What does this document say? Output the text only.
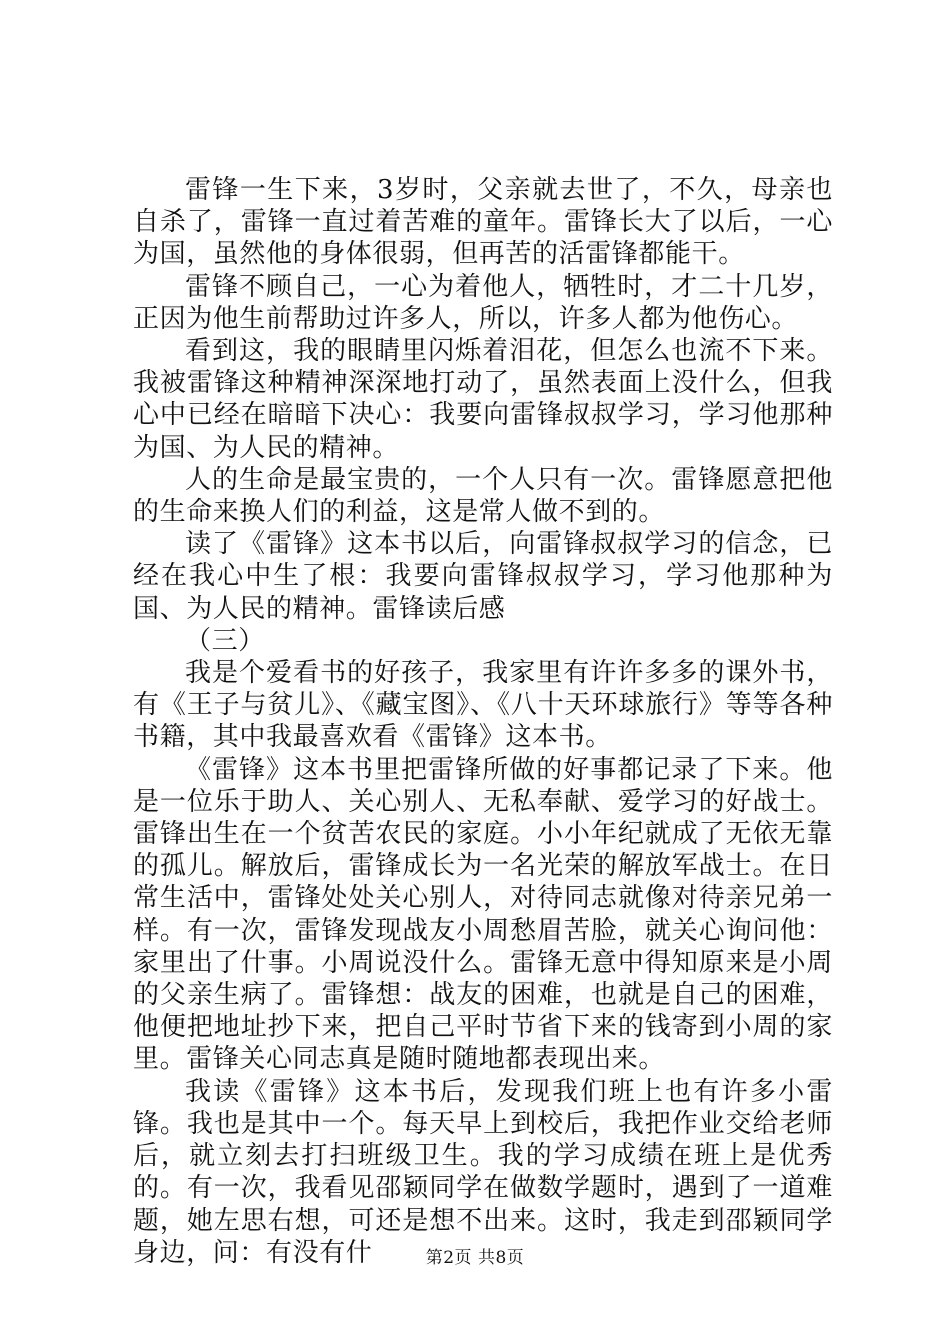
雷锋一生下来，3岁时，父亲就去世了，不久，母亲也自杀了，雷锋一直过着苦难的童年。雷锋长大了以后，一心为国，虽然他的身体很弱，但再苦的活雷锋都能干。

雷锋不顾自己，一心为着他人，牺牲时，才二十几岁，正因为他生前帮助过许多人，所以，许多人都为他伤心。

看到这，我的眼睛里闪烁着泪花，但怎么也流不下来。我被雷锋这种精神深深地打动了，虽然表面上没什么，但我心中已经在暗暗下决心：我要向雷锋叔叔学习，学习他那种为国、为人民的精神。

人的生命是最宝贵的，一个人只有一次。雷锋愿意把他的生命来换人们的利益，这是常人做不到的。

读了《雷锋》这本书以后，向雷锋叔叔学习的信念，已经在我心中生了根：我要向雷锋叔叔学习，学习他那种为国、为人民的精神。雷锋读后感

（三）

我是个爱看书的好孩子，我家里有许许多多的课外书，有《王子与贫儿》、《藏宝图》、《八十天环球旅行》等等各种书籍，其中我最喜欢看《雷锋》这本书。

《雷锋》这本书里把雷锋所做的好事都记录了下来。他是一位乐于助人、关心别人、无私奉献、爱学习的好战士。雷锋出生在一个贫苦农民的家庭。小小年纪就成了无依无靠的孤儿。解放后，雷锋成长为一名光荣的解放军战士。在日常生活中，雷锋处处关心别人，对待同志就像对待亲兄弟一样。有一次，雷锋发现战友小周愁眉苦脸，就关心询问他：家里出了什事。小周说没什么。雷锋无意中得知原来是小周的父亲生病了。雷锋想：战友的困难，也就是自己的困难，他便把地址抄下来，把自己平时节省下来的钱寄到小周的家里。雷锋关心同志真是随时随地都表现出来。

我读《雷锋》这本书后，发现我们班上也有许多小雷锋。我也是其中一个。每天早上到校后，我把作业交给老师后，就立刻去打扫班级卫生。我的学习成绩在班上是优秀的。有一次，我看见邵颖同学在做数学题时，遇到了一道难题，她左思右想，可还是想不出来。这时，我走到邵颖同学身边，问：有没有什	第2页 共8页
